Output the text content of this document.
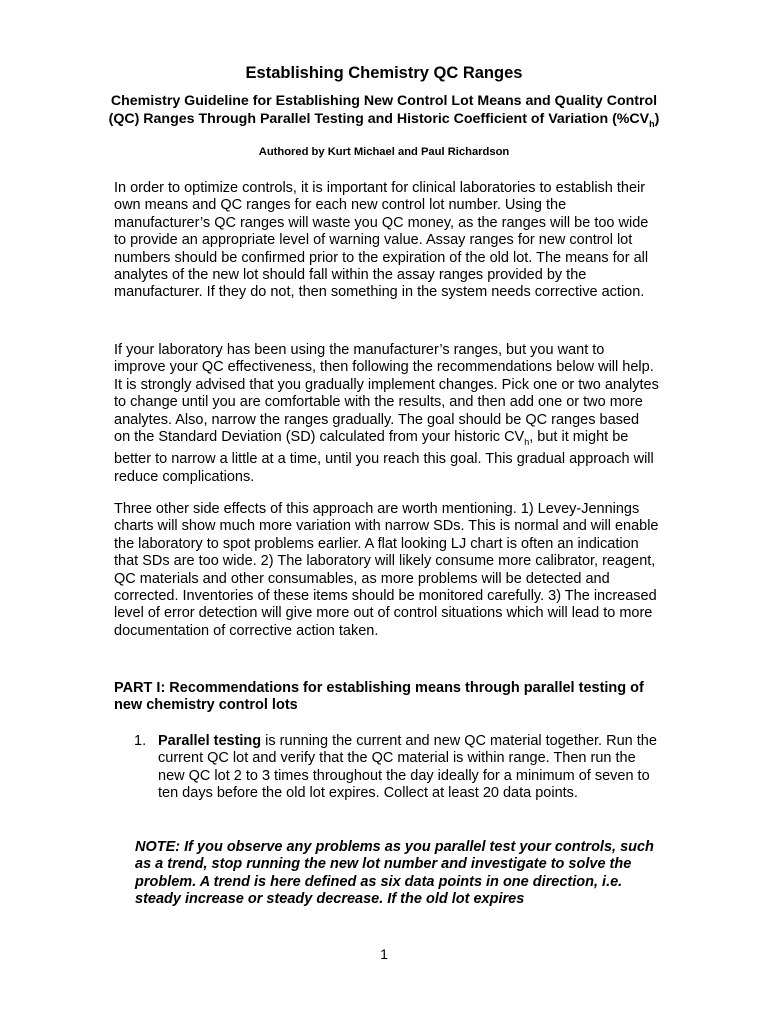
Establishing Chemistry QC Ranges
Chemistry Guideline for Establishing New Control Lot Means and Quality Control (QC) Ranges Through Parallel Testing and Historic Coefficient of Variation $(\%CV_h)$
Authored by Kurt Michael and Paul Richardson

In order to optimize controls, it is important for clinical laboratories to establish their own means and QC ranges for each new control lot number. Using the manufacturer’s QC ranges will waste you QC money, as the ranges will be too wide to provide an appropriate level of warning value. Assay ranges for new control lot numbers should be confirmed prior to the expiration of the old lot. The means for all analytes of the new lot should fall within the assay ranges provided by the manufacturer. If they do not, then something in the system needs corrective action.

If your laboratory has been using the manufacturer’s ranges, but you want to improve your QC effectiveness, then following the recommendations below will help. It is strongly advised that you gradually implement changes. Pick one or two analytes to change until you are comfortable with the results, and then add one or two more analytes. Also, narrow the ranges gradually. The goal should be QC ranges based on the Standard Deviation (SD) calculated from your historic $CV_h$, but it might be better to narrow a little at a time, until you reach this goal. This gradual approach will reduce complications.

Three other side effects of this approach are worth mentioning. 1) Levey-Jennings charts will show much more variation with narrow SDs. This is normal and will enable the laboratory to spot problems earlier. A flat looking LJ chart is often an indication that SDs are too wide. 2) The laboratory will likely consume more calibrator, reagent, QC materials and other consumables, as more problems will be detected and corrected. Inventories of these items should be monitored carefully. 3) The increased level of error detection will give more out of control situations which will lead to more documentation of corrective action taken.

PART I: Recommendations for establishing means through parallel testing of new chemistry control lots
1. Parallel testing is running the current and new QC material together. Run the current QC lot and verify that the QC material is within range. Then run the new QC lot 2 to 3 times throughout the day ideally for a minimum of seven to ten days before the old lot expires. Collect at least 20 data points.
NOTE: If you observe any problems as you parallel test your controls, such as a trend, stop running the new lot number and investigate to solve the problem. A trend is here defined as six data points in one direction, i.e. steady increase or steady decrease. If the old lot expires
1
